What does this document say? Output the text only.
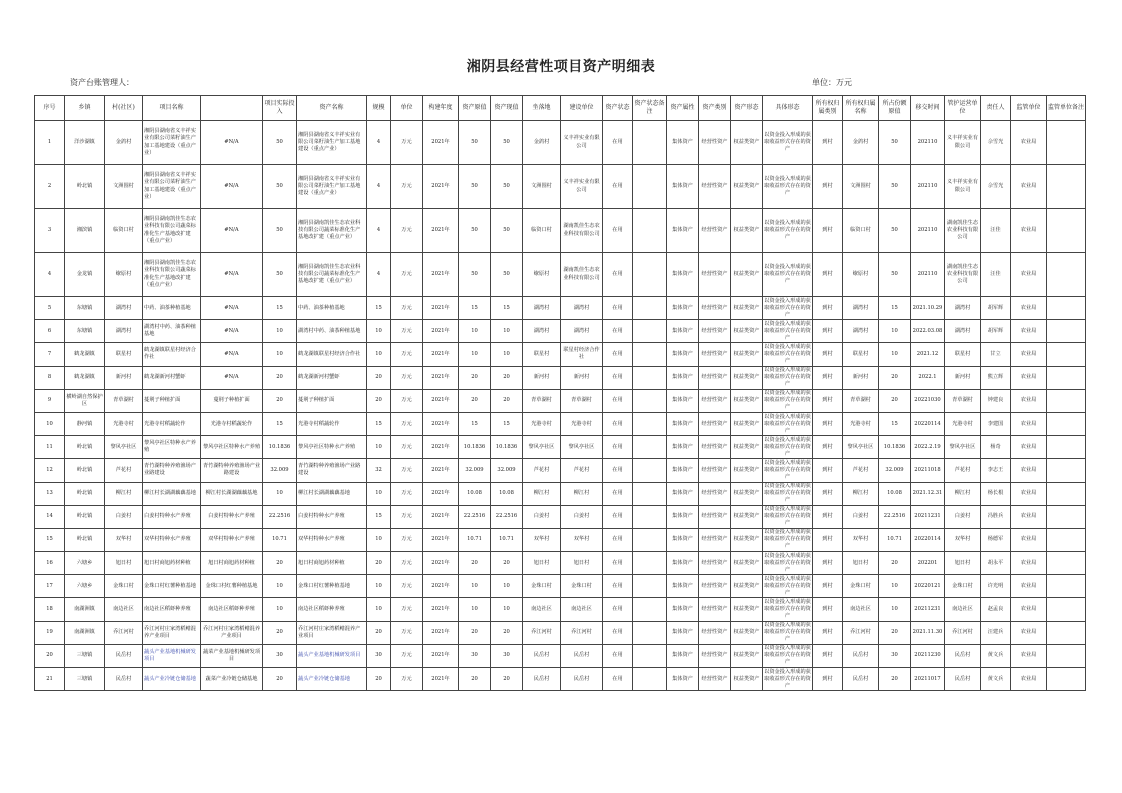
湘阴县经营性项目资产明细表
资产台账管理人：	单位：万元
序号	乡镇	村(社区)	项目名称		项目实际投入	资产名称	规模	单位	构建年度	资产原值	资产现值	坐落地	建设单位	资产状态	资产状态备注	资产属性	资产类别	资产形态	具体形态	所有权归属类别	所有权归属名称	所占份额原值	移交时间	管护运营单位	责任人	监管单位	监管单位备注
1	洋沙湖镇	金鸽村	湘阴县湖南省义丰祥实业有限公司菜籽油生产加工基地建设（重点产业）	#N/A	50	湘阴县湖南省义丰祥实业有限公司菜籽油生产加工基地建设（重点产业）	4	万元	2021年	50	50	金鸽村	义丰祥实业有限公司	在用		集体资产	经营性资产	权益类资产	以资金投入形成的获取收益形式存在的资产	到村	金鸽村	50	202110	义丰祥实业有限公司	佘雪光	农业局	
2	岭北镇	文洲围村	湘阴县湖南省义丰祥实业有限公司菜籽油生产加工基地建设（重点产业）	#N/A	50	湘阴县湖南省义丰祥实业有限公司菜籽油生产加工基地建设（重点产业）	4	万元	2021年	50	50	文洲围村	义丰祥实业有限公司	在用		集体资产	经营性资产	权益类资产	以资金投入形成的获取收益形式存在的资产	到村	文洲围村	50	202110	义丰祥实业有限公司	佘雪光	农业局	
3	湘滨镇	临资口村	湘阴县湖南凯佳生态农业科技有限公司蔬菜标准化生产基地改扩建（重点产业）	#N/A	50	湘阴县湖南凯佳生态农业科技有限公司蔬菜标准化生产基地改扩建（重点产业）	4	万元	2021年	50	50	临资口村	湖南凯佳生态农业科技有限公司	在用		集体资产	经营性资产	权益类资产	以资金投入形成的获取收益形式存在的资产	到村	临资口村	50	202110	湖南凯佳生态农业科技有限公司	汪佳	农业局	
4	金龙镇	缭原村	湘阴县湖南凯佳生态农业科技有限公司蔬菜标准化生产基地改扩建（重点产业）	#N/A	50	湘阴县湖南凯佳生态农业科技有限公司蔬菜标准化生产基地改扩建（重点产业）	4	万元	2021年	50	50	缭原村	湖南凯佳生态农业科技有限公司	在用		集体资产	经营性资产	权益类资产	以资金投入形成的获取收益形式存在的资产	到村	缭原村	50	202110	湖南凯佳生态农业科技有限公司	汪佳	农业局	
5	东塘镇	湖湾村	中药、油茶种植基地	#N/A	15	中药、油茶种植基地	15	万元	2021年	15	15	湖湾村	湖湾村	在用		集体资产	经营性资产	权益类资产	以资金投入形成的获取收益形式存在的资产	到村	湖湾村	15	2021.10.29	湖湾村	胡军辉	农业局	
6	东塘镇	湖湾村	湖湾村中药、油茶种植基地	#N/A	10	湖湾村中药、油茶种植基地	10	万元	2021年	10	10	湖湾村	湖湾村	在用		集体资产	经营性资产	权益类资产	以资金投入形成的获取收益形式存在的资产	到村	湖湾村	10	2022.03.08	湖湾村	胡军辉	农业局	
7	鹤龙湖镇	联星村	鹤龙湖镇联星村经济合作社	#N/A	10	鹤龙湖镇联星村经济合作社	10	万元	2021年	10	10	联星村	联星村经济合作社	在用		集体资产	经营性资产	权益类资产	以资金投入形成的获取收益形式存在的资产	到村	联星村	10	2021.12	联星村	甘立	农业局	
8	鹤龙湖镇	新河村	鹤龙湖新河村蟹虾	#N/A	20	鹤龙湖新河村蟹虾	20	万元	2021年	20	20	新河村	新河村	在用		集体资产	经营性资产	权益类资产	以资金投入形成的获取收益形式存在的资产	到村	新河村	20	2022.1	新河村	熊立辉	农业局	
9	横岭湖自然保护区	青草湖村	蔓荆子种植扩面	蔓荆子种植扩面	20	蔓荆子种植扩面	20	万元	2021年	20	20	青草湖村	青草湖村	在用		集体资产	经营性资产	权益类资产	以资金投入形成的获取收益形式存在的资产	到村	青草湖村	20	20221030	青草湖村	钟建良	农业局	
10	静河镇	光港寺村	光港寺村稻蔬轮作	光港寺村稻蔬轮作	15	光港寺村稻蔬轮作	15	万元	2021年	15	15	光港寺村	光港寺村	在用		集体资产	经营性资产	权益类资产	以资金投入形成的获取收益形式存在的资产	到村	光港寺村	15	20220114	光港寺村	李建国	农业局	
11	岭北镇	黎风亭社区	黎风亭社区特种水产养殖	黎风亭社区特种水产养殖	10.1836	黎风亭社区特种水产养殖	10	万元	2021年	10.1836	10.1836	黎风亭社区	黎风亭社区	在用		集体资产	经营性资产	权益类资产	以资金投入形成的获取收益形式存在的资产	到村	黎风亭社区	10.1836	2022.2.19	黎风亭社区	杨奇	农业局	
12	岭北镇	芦花村	青竹湖特种养殖渔场产业路建设	青竹湖特种养殖渔场产业路建设	32.009	青竹湖特种养殖渔场产业路建设	32	万元	2021年	32.009	32.009	芦花村	芦花村	在用		集体资产	经营性资产	权益类资产	以资金投入形成的获取收益形式存在的资产	到村	芦花村	32.009	20211018	芦花村	李志王	农业局	
13	岭北镇	柳江村	柳江村长湖湖藕藕基地	柳江村长湖湖藕藕基地	10	柳江村长湖湖藕藕基地	10	万元	2021年	10.08	10.08	柳江村	柳江村	在用		集体资产	经营性资产	权益类资产	以资金投入形成的获取收益形式存在的资产	到村	柳江村	10.08	2021.12.31	柳江村	杨长根	农业局	
14	岭北镇	白姜村	白姜村特种水产养殖	白姜村特种水产养殖	22.2516	白姜村特种水产养殖	15	万元	2021年	22.2516	22.2516	白姜村	白姜村	在用		集体资产	经营性资产	权益类资产	以资金投入形成的获取收益形式存在的资产	到村	白姜村	22.2516	20211231	白姜村	冯胜兵	农业局	
15	岭北镇	双华村	双华村特种水产养殖	双华村特种水产养殖	10.71	双华村特种水产养殖	10	万元	2021年	10.71	10.71	双华村	双华村	在用		集体资产	经营性资产	权益类资产	以资金投入形成的获取收益形式存在的资产	到村	双华村	10.71	20220114	双华村	杨德军	农业局	
16	六塘乡	旭日村	旭日村商旭药材种植	旭日村商旭药材种植	20	旭日村商旭药材种植	20	万元	2021年	20	20	旭日村	旭日村	在用		集体资产	经营性资产	权益类资产	以资金投入形成的获取收益形式存在的资产	到村	旭日村	20	202201	旭日村	胡永平	农业局	
17	六塘乡	金珠口村	金珠口村红薯种植基地	金珠口村红薯种植基地	10	金珠口村红薯种植基地	10	万元	2021年	10	10	金珠口村	金珠口村	在用		集体资产	经营性资产	权益类资产	以资金投入形成的获取收益形式存在的资产	到村	金珠口村	10	20220121	金珠口村	许光明	农业局	
18	南湖洲镇	南边社区	南边社区稻虾种养殖	南边社区稻虾种养殖	10	南边社区稻虾种养殖	10	万元	2021年	10	10	南边社区	南边社区	在用		集体资产	经营性资产	权益类资产	以资金投入形成的获取收益形式存在的资产	到村	南边社区	10	20211231	南边社区	赵孟良	农业局	
19	南湖洲镇	乔江河村	乔江河村庄家湾稻鳝混养产业项目	乔江河村庄家湾稻鳝混养产业项目	20	乔江河村庄家湾稻鳝混养产业项目	20	万元	2021年	20	20	乔江河村	乔江河村	在用		集体资产	经营性资产	权益类资产	以资金投入形成的获取收益形式存在的资产	到村	乔江河村	20	2021.11.30	乔江河村	汪建兵	农业局	
20	三塘镇	民岳村	蔬头产业基地机械研发项目	蔬菜产业基地机械研发项目	30	蔬头产业基地机械研发项目	30	万元	2021年	30	30	民岳村	民岳村	在用		集体资产	经营性资产	权益类资产	以资金投入形成的获取收益形式存在的资产	到村	民岳村	30	20211230	民岳村	黄文兵	农业局	
21	三塘镇	民岳村	蔬头产业冷链仓储基地	蔬菜产业冷链仓储基地	20	蔬头产业冷链仓储基地	20	万元	2021年	20	20	民岳村	民岳村	在用		集体资产	经营性资产	权益类资产	以资金投入形成的获取收益形式存在的资产	到村	民岳村	20	20211017	民岳村	黄文兵	农业局	
